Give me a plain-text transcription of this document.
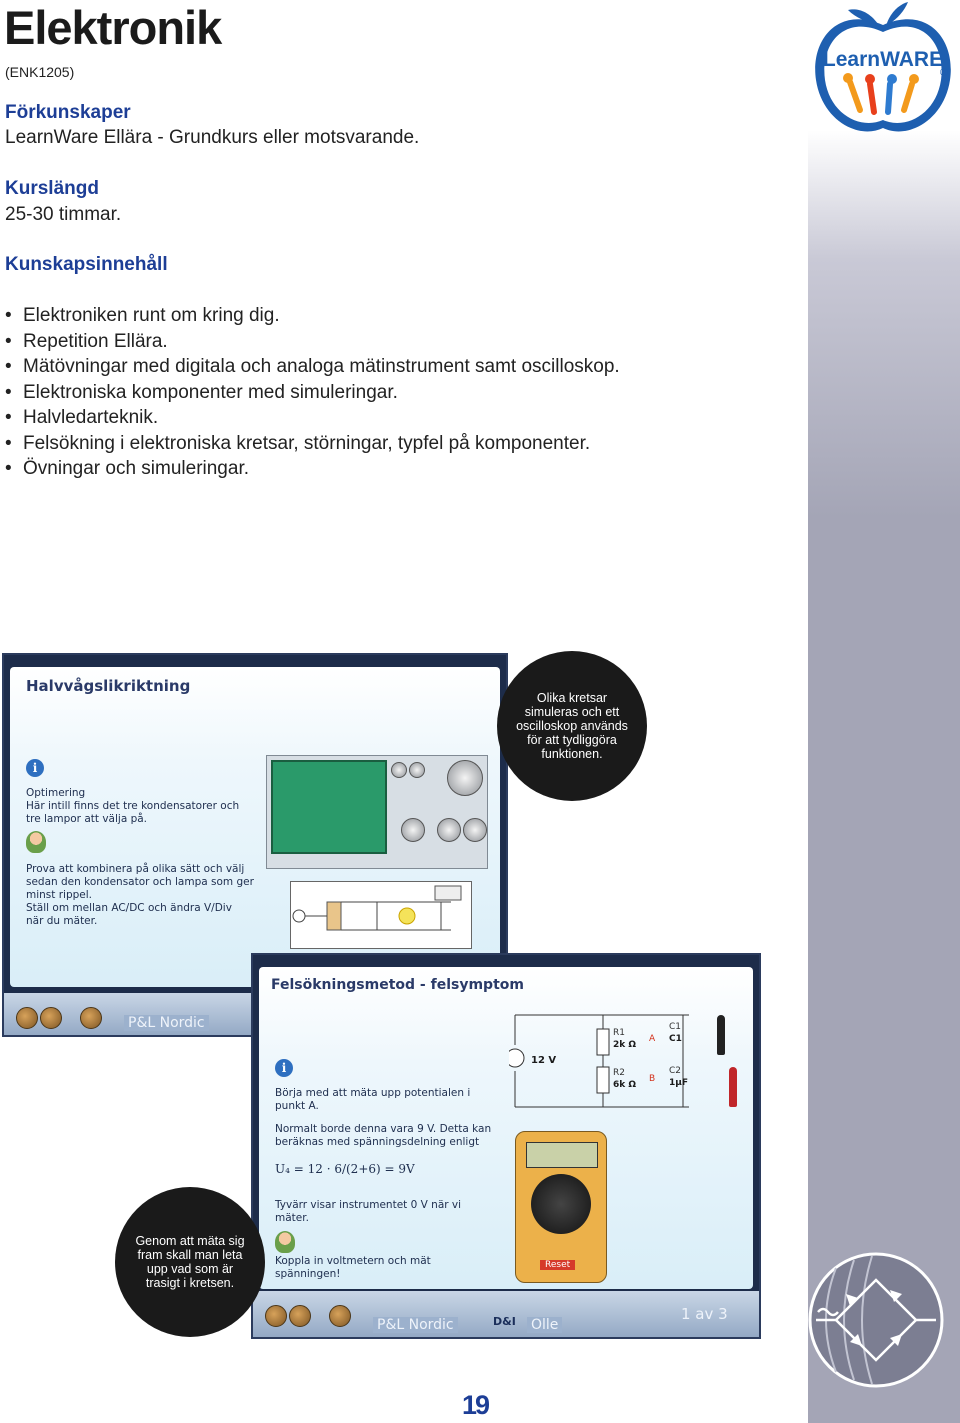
LearnWARE
®
Elektronik
(ENK1205)
Förkunskaper
LearnWare Ellära - Grundkurs eller motsvarande.
Kurslängd
25-30 timmar.
Kunskapsinnehåll
• Elektroniken runt om kring dig.
• Repetition Ellära.
• Mätövningar med digitala och analoga mätinstrument samt oscilloskop.
• Elektroniska komponenter med simuleringar.
• Halvledarteknik.
• Felsökning i elektroniska kretsar, störningar, typfel på komponenter.
• Övningar och simuleringar.
Halvvågslikriktning
i

Optimering
Här intill finns det tre kondensatorer och
tre lampor att välja på.

Prova att kombinera på olika sätt och välj
sedan den kondensator och lampa som ger
minst rippel.
Ställ om mellan AC/DC och ändra V/Div
när du mäter.

P&L Nordic
Olika kretsar simuleras och ett oscilloskop används för att tydliggöra funktionen.
Felsökningsmetod - felsymptom
i

Börja med att mäta upp potentialen i
punkt A.

Normalt borde denna vara 9 V. Detta kan
beräknas med spänningsdelning enligt

U₄ = 12 · 6/(2+6) = 9V

Tyvärr visar instrumentet 0 V när vi
mäter.

Koppla in voltmetern och mät
spänningen!

12 V
R1
2k Ω
R2
6k Ω
A
B
C1
C1
C2
1μF
Reset
P&L Nordic	D&I Olle
1 av 3
Genom att mäta sig fram skall man leta upp vad som är trasigt i kretsen.
19
